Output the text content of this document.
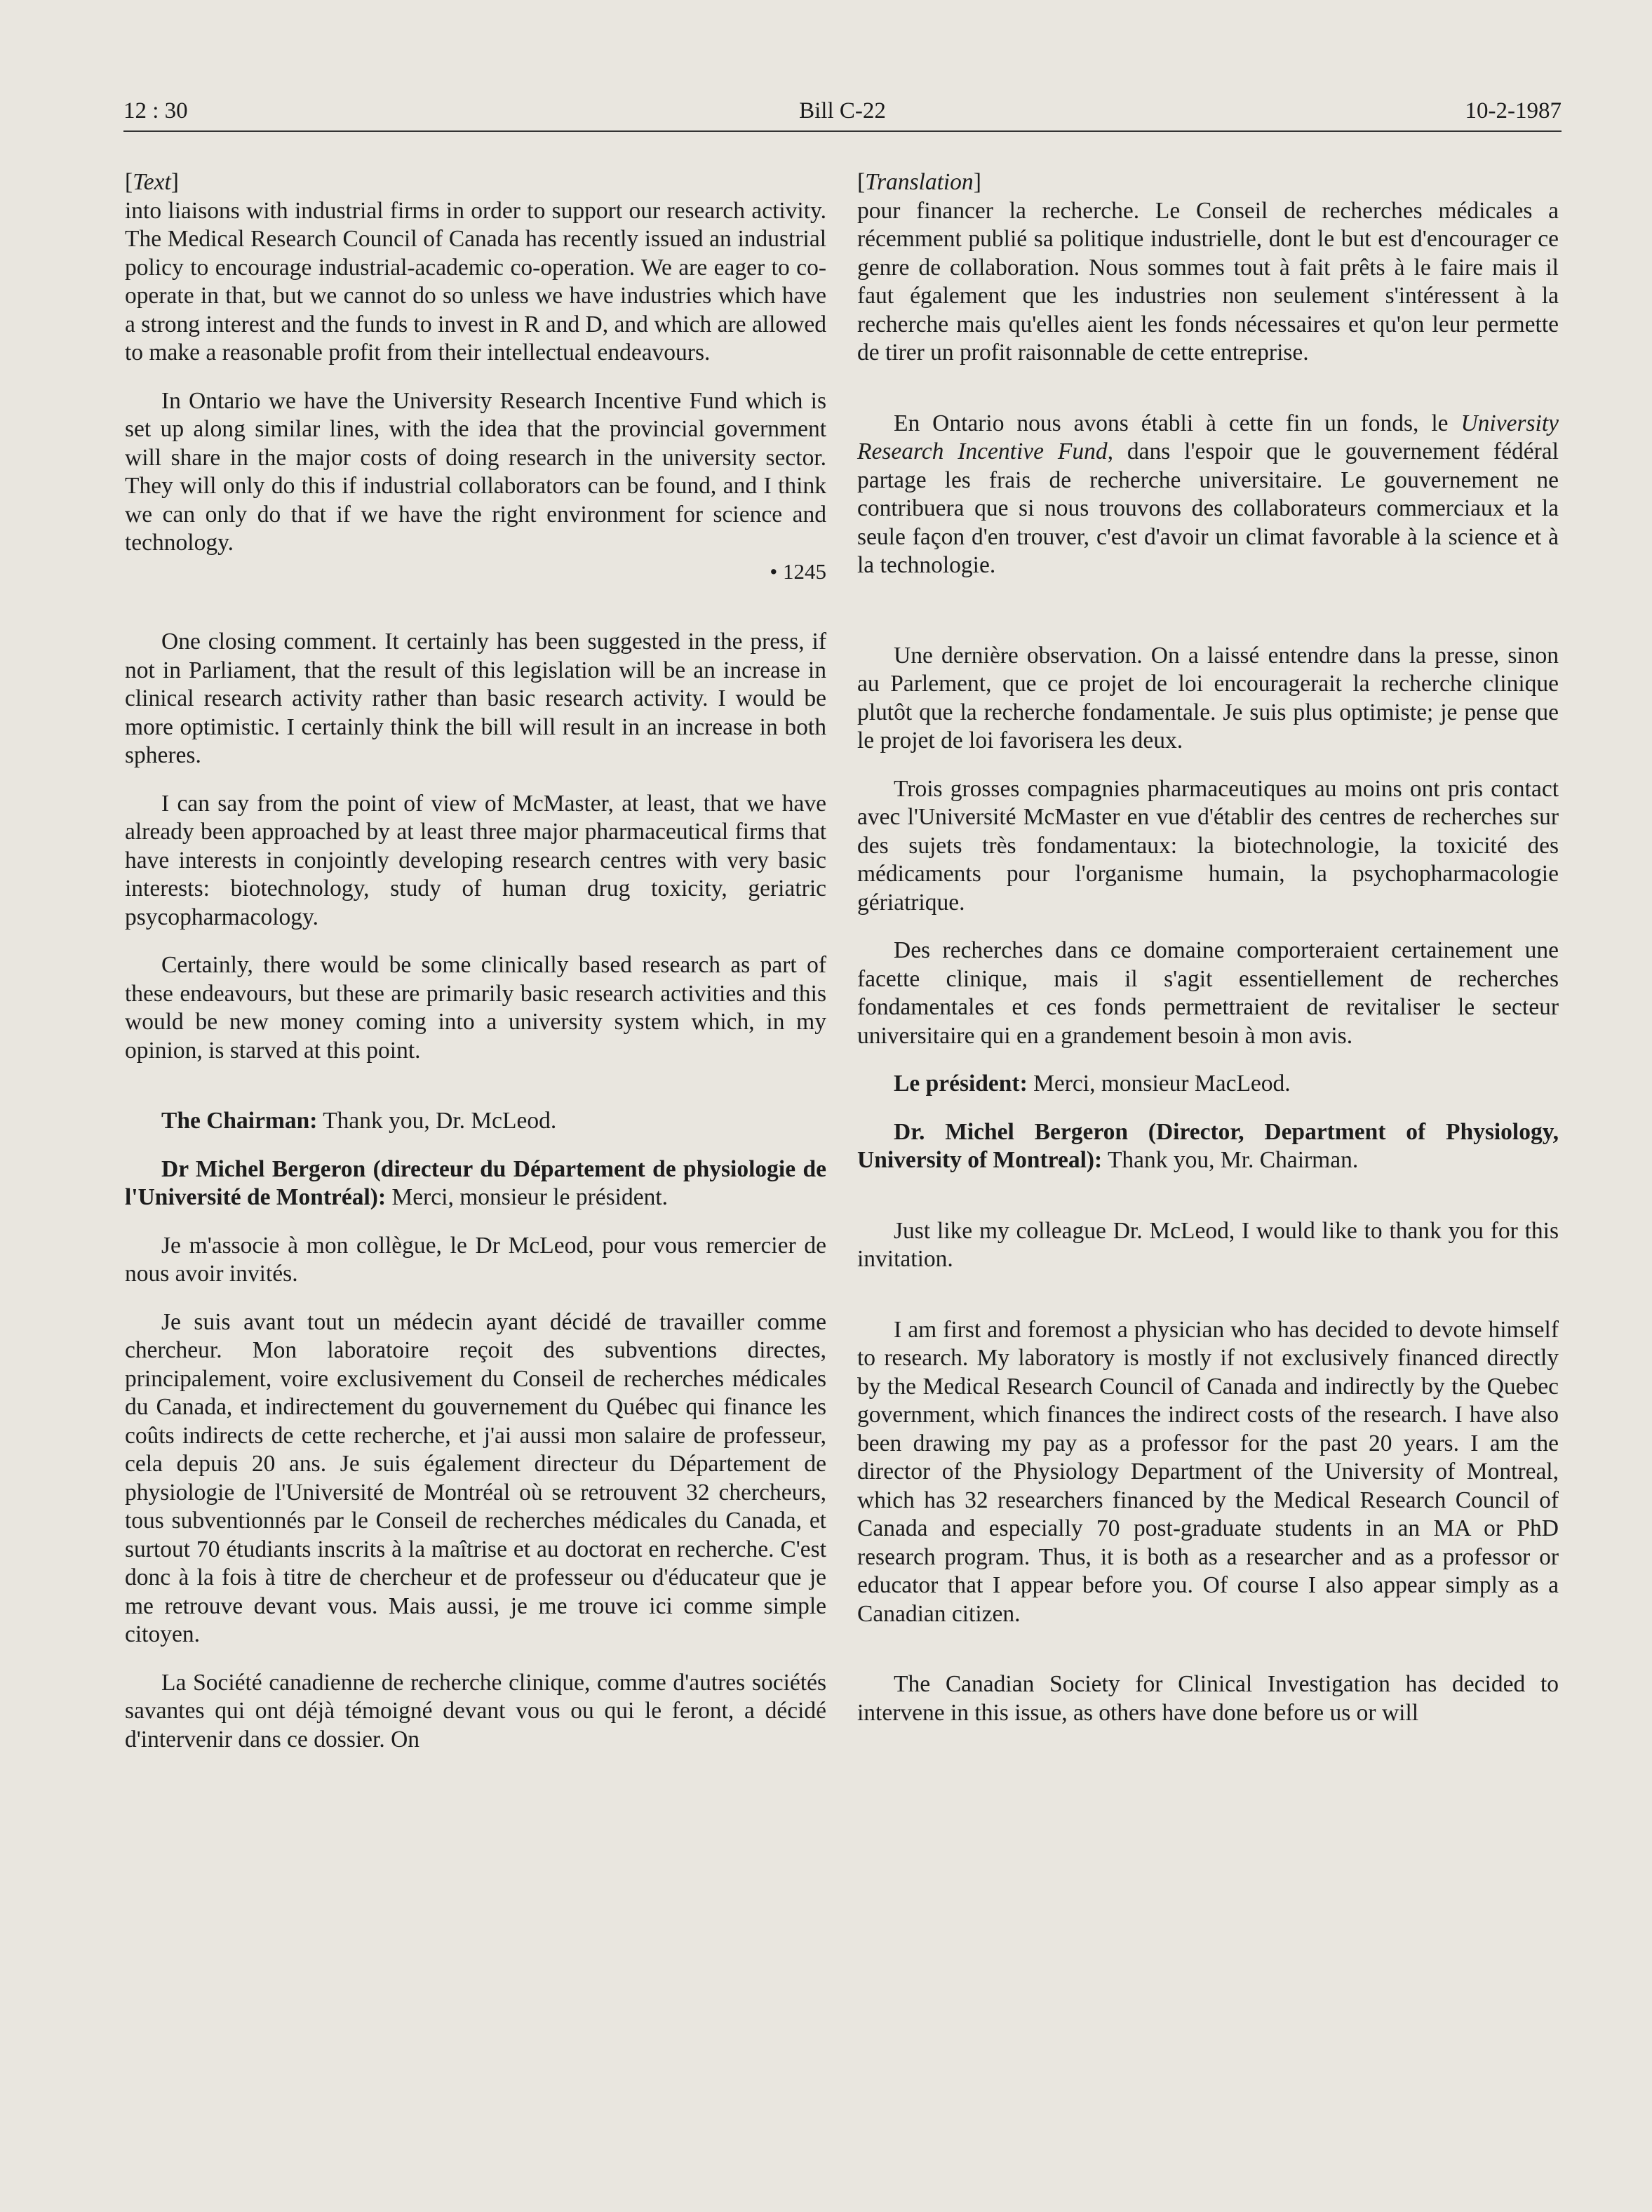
12 : 30	Bill C-22	10-2-1987

[Text]

into liaisons with industrial firms in order to support our research activity. The Medical Research Council of Canada has recently issued an industrial policy to encourage industrial-academic co-operation. We are eager to co-operate in that, but we cannot do so unless we have industries which have a strong interest and the funds to invest in R and D, and which are allowed to make a reasonable profit from their intellectual endeavours.

In Ontario we have the University Research Incentive Fund which is set up along similar lines, with the idea that the provincial government will share in the major costs of doing research in the university sector. They will only do this if industrial collaborators can be found, and I think we can only do that if we have the right environment for science and technology.

• 1245

One closing comment. It certainly has been suggested in the press, if not in Parliament, that the result of this legislation will be an increase in clinical research activity rather than basic research activity. I would be more optimistic. I certainly think the bill will result in an increase in both spheres.

I can say from the point of view of McMaster, at least, that we have already been approached by at least three major pharmaceutical firms that have interests in conjointly developing research centres with very basic interests: biotechnology, study of human drug toxicity, geriatric psycopharmacology.

Certainly, there would be some clinically based research as part of these endeavours, but these are primarily basic research activities and this would be new money coming into a university system which, in my opinion, is starved at this point.

The Chairman: Thank you, Dr. McLeod.

Dr Michel Bergeron (directeur du Département de physiologie de l'Université de Montréal): Merci, monsieur le président.

Je m'associe à mon collègue, le Dr McLeod, pour vous remercier de nous avoir invités.

Je suis avant tout un médecin ayant décidé de travailler comme chercheur. Mon laboratoire reçoit des subventions directes, principalement, voire exclusivement du Conseil de recherches médicales du Canada, et indirectement du gouvernement du Québec qui finance les coûts indirects de cette recherche, et j'ai aussi mon salaire de professeur, cela depuis 20 ans. Je suis également directeur du Département de physiologie de l'Université de Montréal où se retrouvent 32 chercheurs, tous subventionnés par le Conseil de recherches médicales du Canada, et surtout 70 étudiants inscrits à la maîtrise et au doctorat en recherche. C'est donc à la fois à titre de chercheur et de professeur ou d'éducateur que je me retrouve devant vous. Mais aussi, je me trouve ici comme simple citoyen.

La Société canadienne de recherche clinique, comme d'autres sociétés savantes qui ont déjà témoigné devant vous ou qui le feront, a décidé d'intervenir dans ce dossier. On

[Translation]

pour financer la recherche. Le Conseil de recherches médicales a récemment publié sa politique industrielle, dont le but est d'encourager ce genre de collaboration. Nous sommes tout à fait prêts à le faire mais il faut également que les industries non seulement s'intéressent à la recherche mais qu'elles aient les fonds nécessaires et qu'on leur permette de tirer un profit raisonnable de cette entreprise.

En Ontario nous avons établi à cette fin un fonds, le University Research Incentive Fund, dans l'espoir que le gouvernement fédéral partage les frais de recherche universitaire. Le gouvernement ne contribuera que si nous trouvons des collaborateurs commerciaux et la seule façon d'en trouver, c'est d'avoir un climat favorable à la science et à la technologie.

Une dernière observation. On a laissé entendre dans la presse, sinon au Parlement, que ce projet de loi encouragerait la recherche clinique plutôt que la recherche fondamentale. Je suis plus optimiste; je pense que le projet de loi favorisera les deux.

Trois grosses compagnies pharmaceutiques au moins ont pris contact avec l'Université McMaster en vue d'établir des centres de recherches sur des sujets très fondamentaux: la biotechnologie, la toxicité des médicaments pour l'organisme humain, la psychopharmacologie gériatrique.

Des recherches dans ce domaine comporteraient certainement une facette clinique, mais il s'agit essentiellement de recherches fondamentales et ces fonds permettraient de revitaliser le secteur universitaire qui en a grandement besoin à mon avis.

Le président: Merci, monsieur MacLeod.

Dr. Michel Bergeron (Director, Department of Physiology, University of Montreal): Thank you, Mr. Chairman.

Just like my colleague Dr. McLeod, I would like to thank you for this invitation.

I am first and foremost a physician who has decided to devote himself to research. My laboratory is mostly if not exclusively financed directly by the Medical Research Council of Canada and indirectly by the Quebec government, which finances the indirect costs of the research. I have also been drawing my pay as a professor for the past 20 years. I am the director of the Physiology Department of the University of Montreal, which has 32 researchers financed by the Medical Research Council of Canada and especially 70 post-graduate students in an MA or PhD research program. Thus, it is both as a researcher and as a professor or educator that I appear before you. Of course I also appear simply as a Canadian citizen.

The Canadian Society for Clinical Investigation has decided to intervene in this issue, as others have done before us or will
